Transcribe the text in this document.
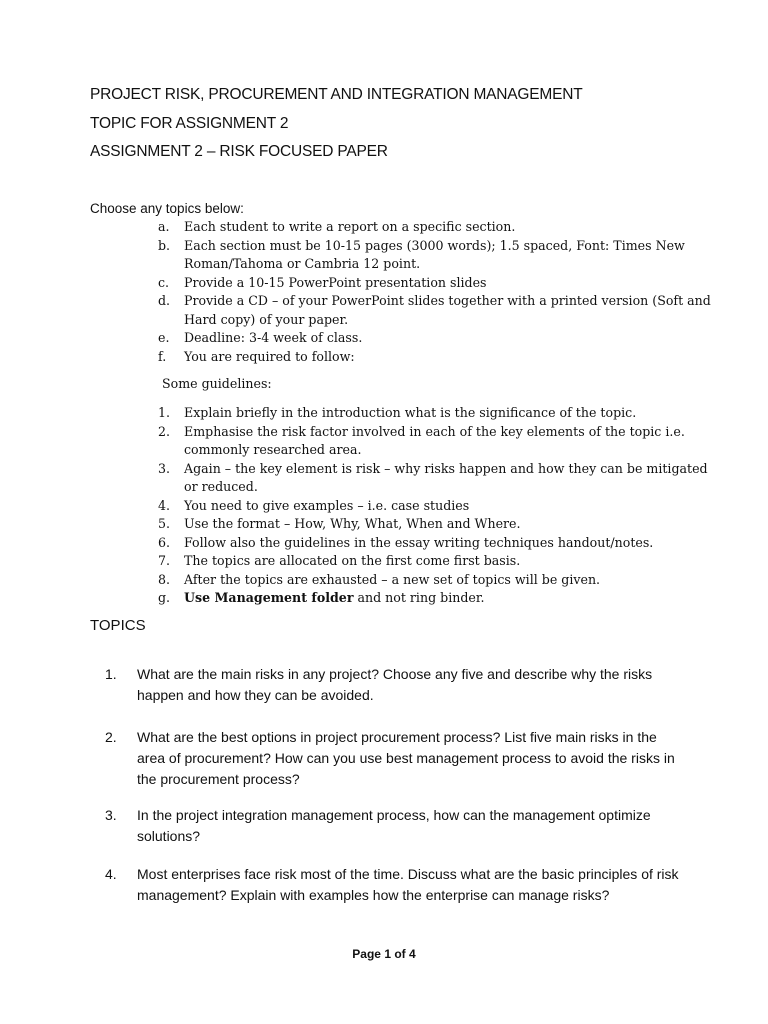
PROJECT RISK, PROCUREMENT AND INTEGRATION MANAGEMENT
TOPIC FOR ASSIGNMENT 2
ASSIGNMENT 2 – RISK FOCUSED PAPER
Choose any topics below:
a.	Each student to write a report on a specific section.
b.	Each section must be 10-15 pages (3000 words); 1.5 spaced, Font: Times New Roman/Tahoma or Cambria 12 point.
c.	Provide a 10-15 PowerPoint presentation slides
d.	Provide a CD – of your PowerPoint slides together with a printed version (Soft and Hard copy) of your paper.
e.	Deadline: 3-4 week of class.
f.	You are required to follow:
Some guidelines:
1.	Explain briefly in the introduction what is the significance of the topic.
2.	Emphasise the risk factor involved in each of the key elements of the topic i.e. commonly researched area.
3.	Again – the key element is risk – why risks happen and how they can be mitigated or reduced.
4.	You need to give examples – i.e. case studies
5.	Use the format – How, Why, What, When and Where.
6.	Follow also the guidelines in the essay writing techniques handout/notes.
7.	The topics are allocated on the first come first basis.
8.	After the topics are exhausted – a new set of topics will be given.
g.	Use Management folder and not ring binder.
TOPICS
1.	What are the main risks in any project? Choose any five and describe why the risks happen and how they can be avoided.
2.	What are the best options in project procurement process? List five main risks in the area of procurement? How can you use best management process to avoid the risks in the procurement process?
3.	In the project integration management process, how can the management optimize solutions?
4.	Most enterprises face risk most of the time. Discuss what are the basic principles of risk management? Explain with examples how the enterprise can manage risks?
Page 1 of 4
